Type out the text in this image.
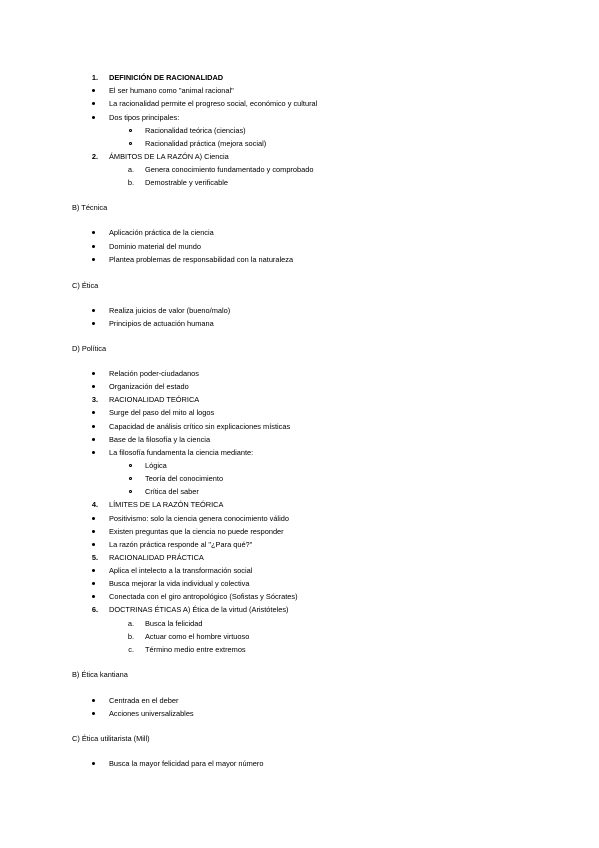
1. DEFINICIÓN DE RACIONALIDAD
El ser humano como "animal racional"
La racionalidad permite el progreso social, económico y cultural
Dos tipos principales:
Racionalidad teórica (ciencias)
Racionalidad práctica (mejora social)
2. ÁMBITOS DE LA RAZÓN A) Ciencia
a. Genera conocimiento fundamentado y comprobado
b. Demostrable y verificable
B) Técnica
Aplicación práctica de la ciencia
Dominio material del mundo
Plantea problemas de responsabilidad con la naturaleza
C) Ética
Realiza juicios de valor (bueno/malo)
Principios de actuación humana
D) Política
Relación poder-ciudadanos
Organización del estado
3. RACIONALIDAD TEÓRICA
Surge del paso del mito al logos
Capacidad de análisis crítico sin explicaciones místicas
Base de la filosofía y la ciencia
La filosofía fundamenta la ciencia mediante:
Lógica
Teoría del conocimiento
Crítica del saber
4. LÍMITES DE LA RAZÓN TEÓRICA
Positivismo: solo la ciencia genera conocimiento válido
Existen preguntas que la ciencia no puede responder
La razón práctica responde al "¿Para qué?"
5. RACIONALIDAD PRÁCTICA
Aplica el intelecto a la transformación social
Busca mejorar la vida individual y colectiva
Conectada con el giro antropológico (Sofistas y Sócrates)
6. DOCTRINAS ÉTICAS A) Ética de la virtud (Aristóteles)
a. Busca la felicidad
b. Actuar como el hombre virtuoso
c. Término medio entre extremos
B) Ética kantiana
Centrada en el deber
Acciones universalizables
C) Ética utilitarista (Mill)
Busca la mayor felicidad para el mayor número
